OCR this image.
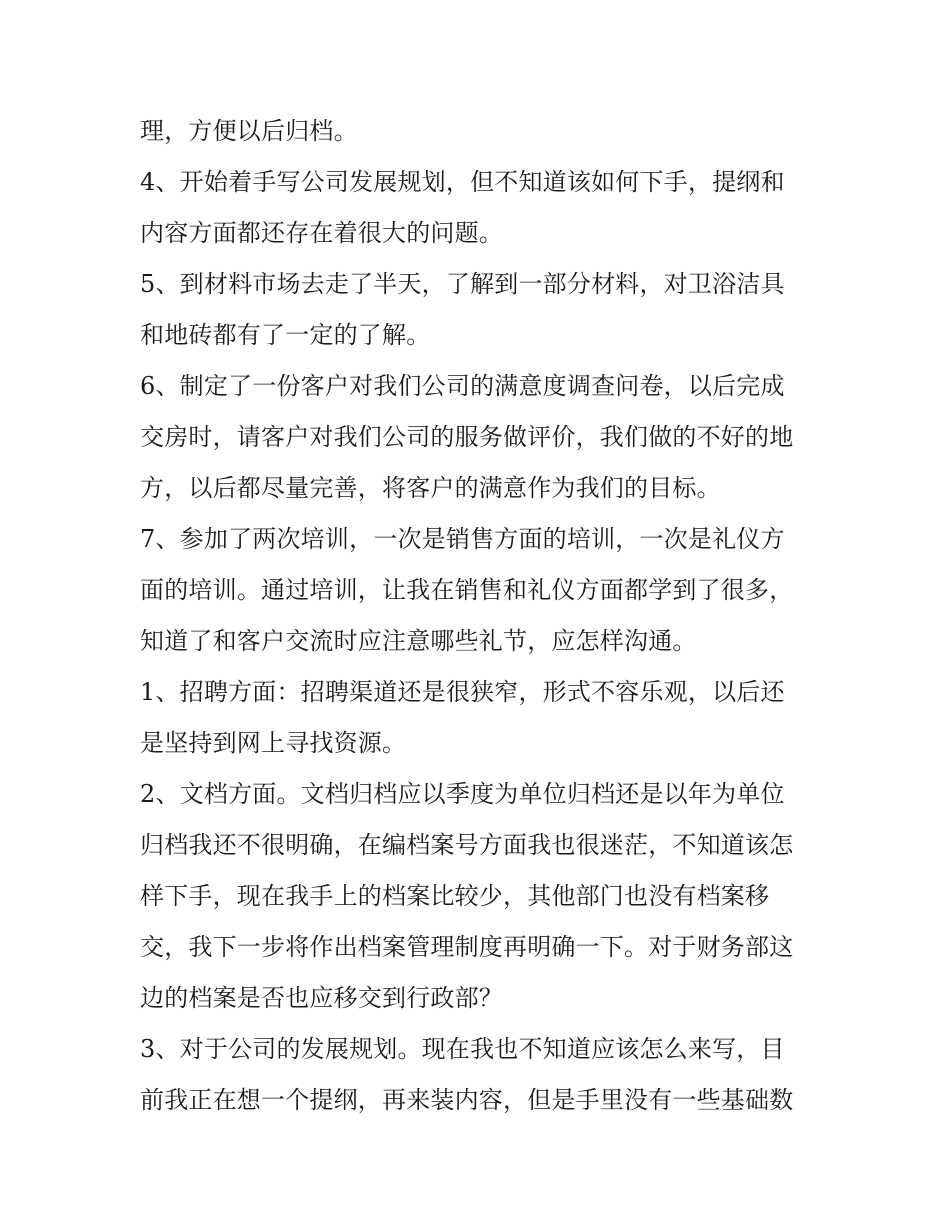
理，方便以后归档。
4、开始着手写公司发展规划，但不知道该如何下手，提纲和
内容方面都还存在着很大的问题。
5、到材料市场去走了半天，了解到一部分材料，对卫浴洁具
和地砖都有了一定的了解。
6、制定了一份客户对我们公司的满意度调查问卷，以后完成
交房时，请客户对我们公司的服务做评价，我们做的不好的地
方，以后都尽量完善，将客户的满意作为我们的目标。
7、参加了两次培训，一次是销售方面的培训，一次是礼仪方
面的培训。通过培训，让我在销售和礼仪方面都学到了很多，
知道了和客户交流时应注意哪些礼节，应怎样沟通。
1、招聘方面：招聘渠道还是很狭窄，形式不容乐观，以后还
是坚持到网上寻找资源。
2、文档方面。文档归档应以季度为单位归档还是以年为单位
归档我还不很明确，在编档案号方面我也很迷茫，不知道该怎
样下手，现在我手上的档案比较少，其他部门也没有档案移
交，我下一步将作出档案管理制度再明确一下。对于财务部这
边的档案是否也应移交到行政部？
3、对于公司的发展规划。现在我也不知道应该怎么来写，目
前我正在想一个提纲，再来装内容，但是手里没有一些基础数
